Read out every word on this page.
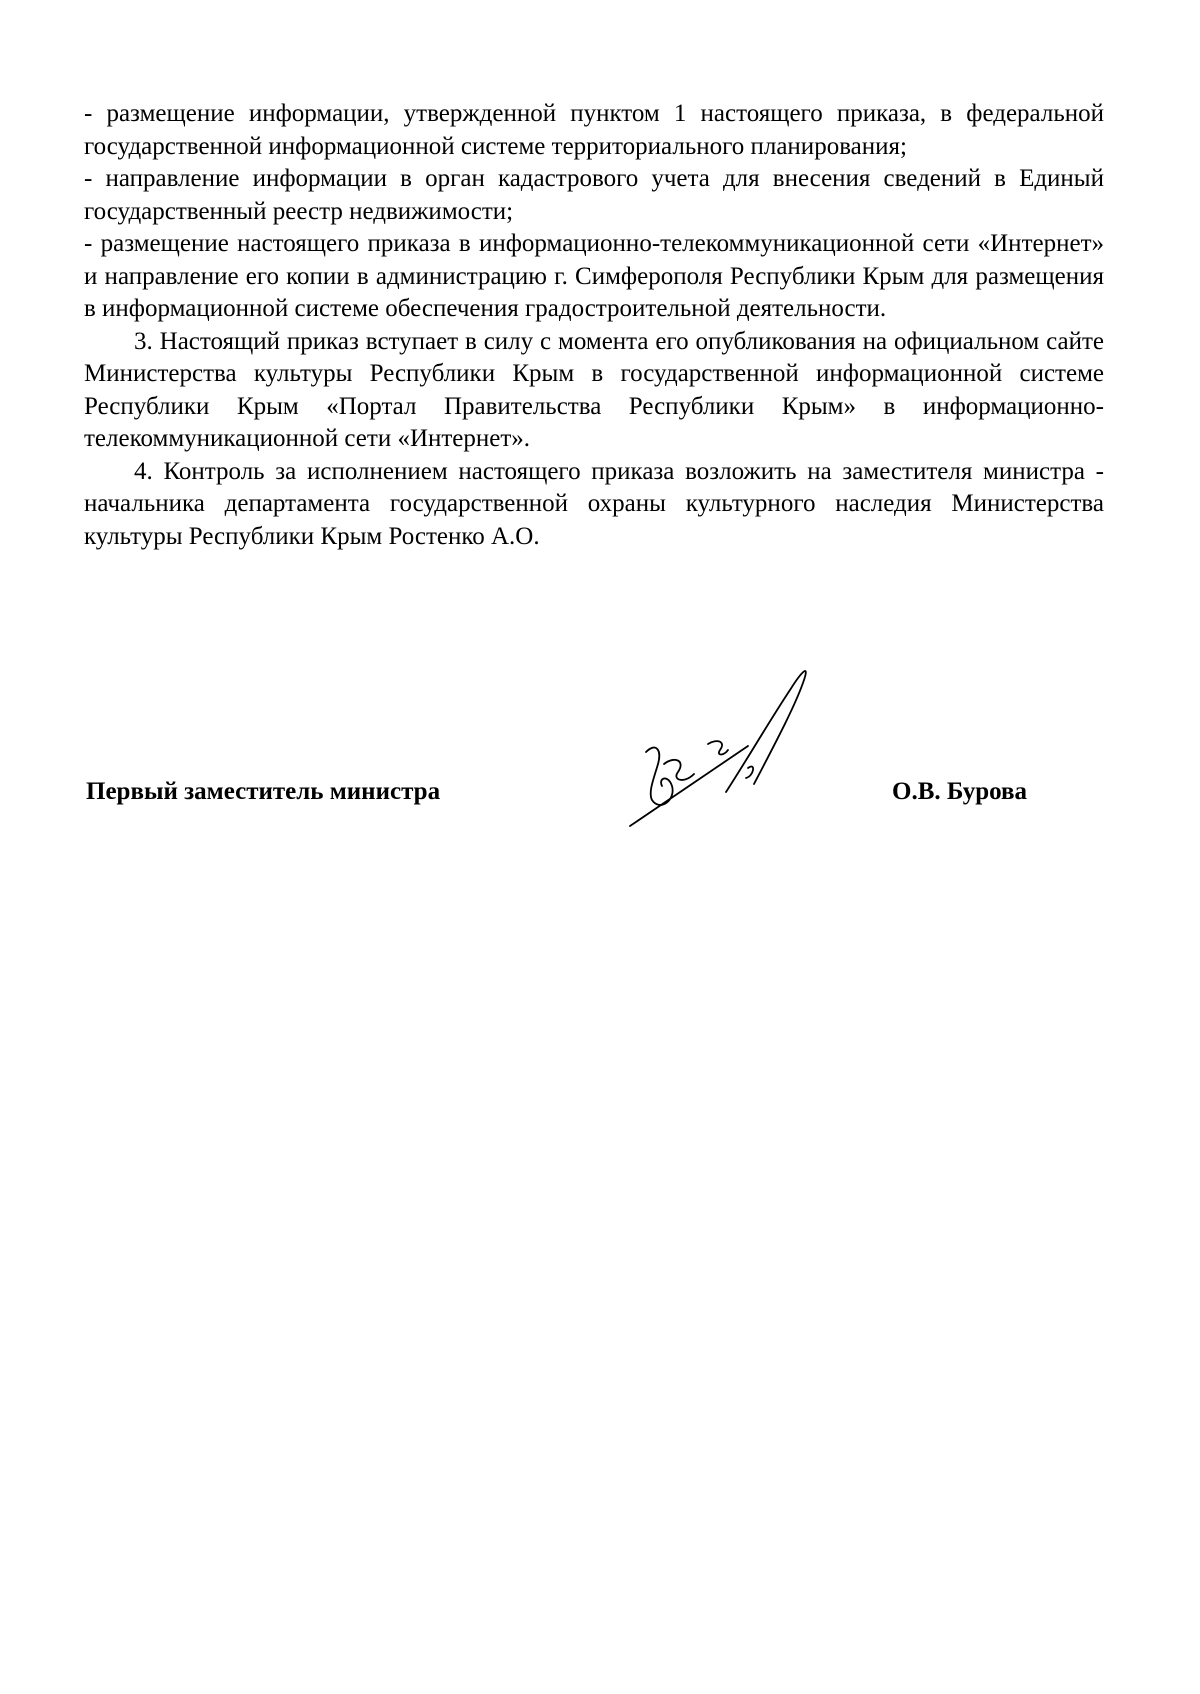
- размещение информации, утвержденной пунктом 1 настоящего приказа, в федеральной государственной информационной системе территориального планирования;

- направление информации в орган кадастрового учета для внесения сведений в Единый государственный реестр недвижимости;

- размещение настоящего приказа в информационно-телекоммуникационной сети «Интернет» и направление его копии в администрацию г. Симферополя Республики Крым для размещения в информационной системе обеспечения градостроительной деятельности.

3. Настоящий приказ вступает в силу с момента его опубликования на официальном сайте Министерства культуры Республики Крым в государственной информационной системе Республики Крым «Портал Правительства Республики Крым» в информационно-телекоммуникационной сети «Интернет».

4. Контроль за исполнением настоящего приказа возложить на заместителя министра - начальника департамента государственной охраны культурного наследия Министерства культуры Республики Крым Ростенко А.О.

Первый заместитель министра	О.В. Бурова
